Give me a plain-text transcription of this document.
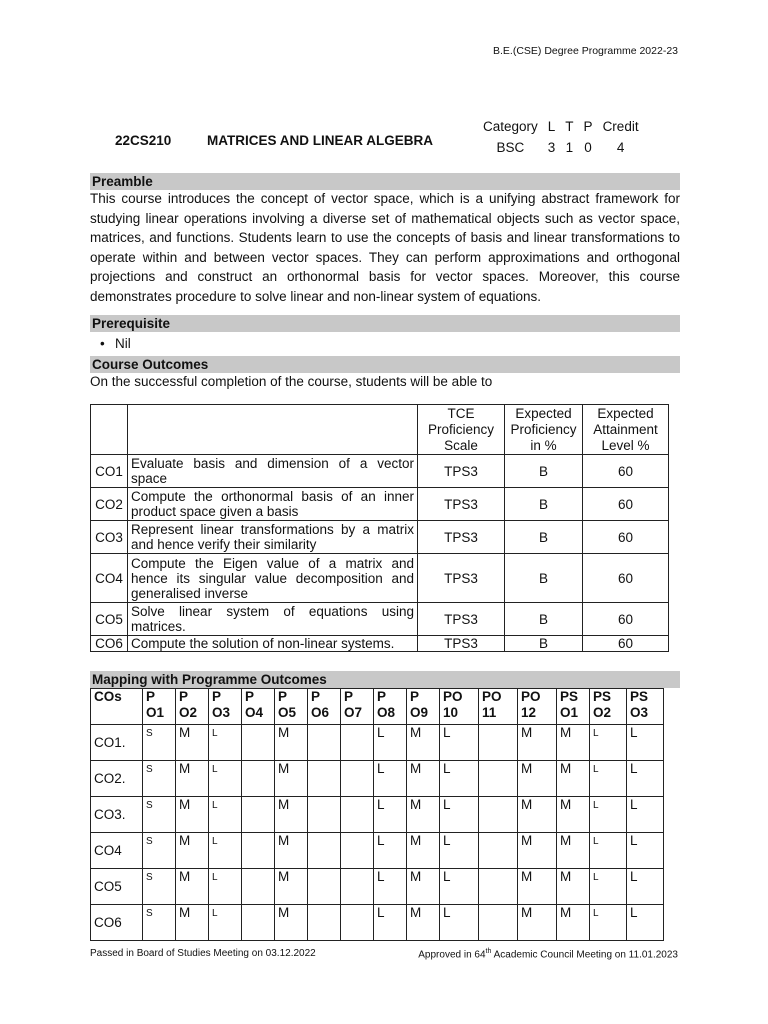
B.E.(CSE) Degree Programme 2022-23
22CS210	MATRICES AND LINEAR ALGEBRA
Category	L	T	P	Credit
BSC	3	1	0	4
Preamble
This course introduces the concept of vector space, which is a unifying abstract framework for studying linear operations involving a diverse set of mathematical objects such as vector space, matrices, and functions. Students learn to use the concepts of basis and linear transformations to operate within and between vector spaces. They can perform approximations and orthogonal projections and construct an orthonormal basis for vector spaces. Moreover, this course demonstrates procedure to solve linear and non-linear system of equations.
Prerequisite
• Nil
Course Outcomes
On the successful completion of the course, students will be able to
		TCE Proficiency Scale	Expected Proficiency in %	Expected Attainment Level %
CO1	Evaluate basis and dimension of a vector space	TPS3	B	60
CO2	Compute the orthonormal basis of an inner product space given a basis	TPS3	B	60
CO3	Represent linear transformations by a matrix and hence verify their similarity	TPS3	B	60
CO4	Compute the Eigen value of a matrix and hence its singular value decomposition and generalised inverse	TPS3	B	60
CO5	Solve linear system of equations using matrices.	TPS3	B	60
CO6	Compute the solution of non-linear systems.	TPS3	B	60
Mapping with Programme Outcomes
COs	P O1	P O2	P O3	P O4	P O5	P O6	P O7	P O8	P O9	PO 10	PO 11	PO 12	PS O1	PS O2	PS O3
CO1.	S	M	L		M			L	M	L		M	M	L	L
CO2.	S	M	L		M			L	M	L		M	M	L	L
CO3.	S	M	L		M			L	M	L		M	M	L	L
CO4	S	M	L		M			L	M	L		M	M	L	L
CO5	S	M	L		M			L	M	L		M	M	L	L
CO6	S	M	L		M			L	M	L		M	M	L	L
Passed in Board of Studies Meeting on 03.12.2022	Approved in 64th Academic Council Meeting on 11.01.2023
